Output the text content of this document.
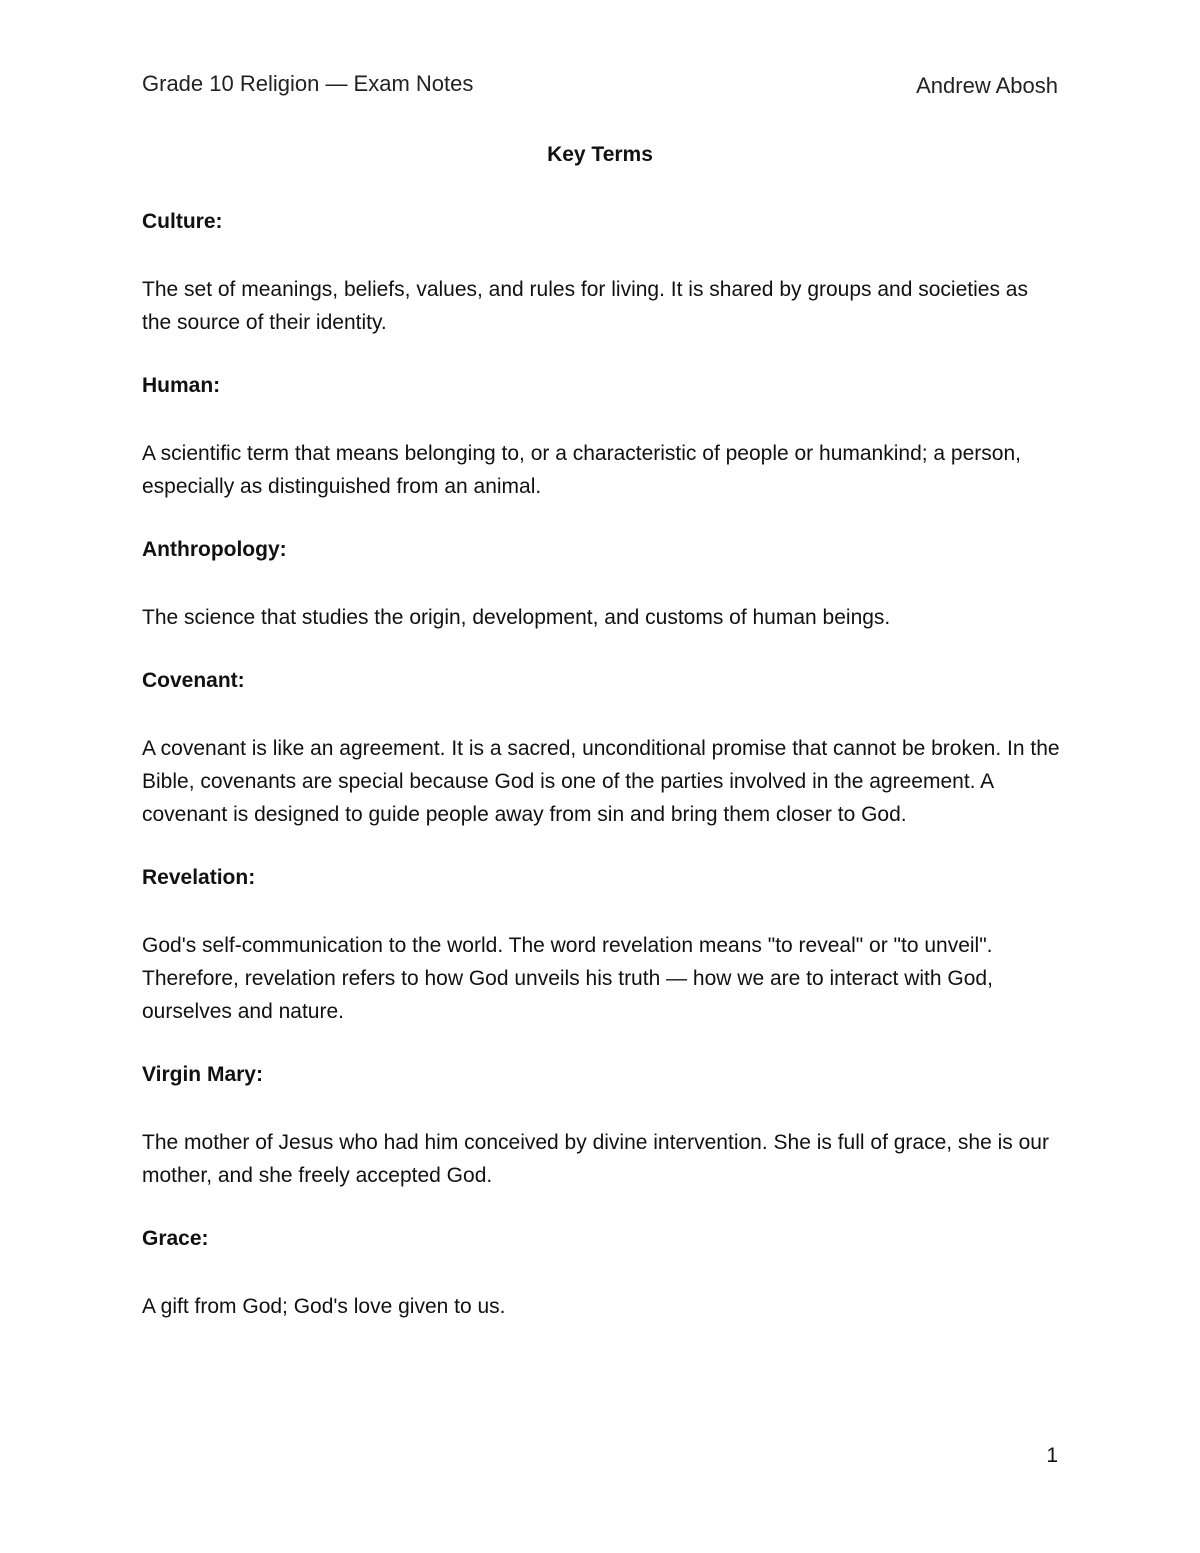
Grade 10 Religion — Exam Notes	Andrew Abosh
Key Terms
Culture:

The set of meanings, beliefs, values, and rules for living. It is shared by groups and societies as the source of their identity.

Human:

A scientific term that means belonging to, or a characteristic of people or humankind; a person, especially as distinguished from an animal.

Anthropology:

The science that studies the origin, development, and customs of human beings.

Covenant:

A covenant is like an agreement. It is a sacred, unconditional promise that cannot be broken. In the Bible, covenants are special because God is one of the parties involved in the agreement. A covenant is designed to guide people away from sin and bring them closer to God.

Revelation:

God's self-communication to the world. The word revelation means "to reveal" or "to unveil". Therefore, revelation refers to how God unveils his truth — how we are to interact with God, ourselves and nature.

Virgin Mary:

The mother of Jesus who had him conceived by divine intervention. She is full of grace, she is our mother, and she freely accepted God.

Grace:

A gift from God; God's love given to us.

1
